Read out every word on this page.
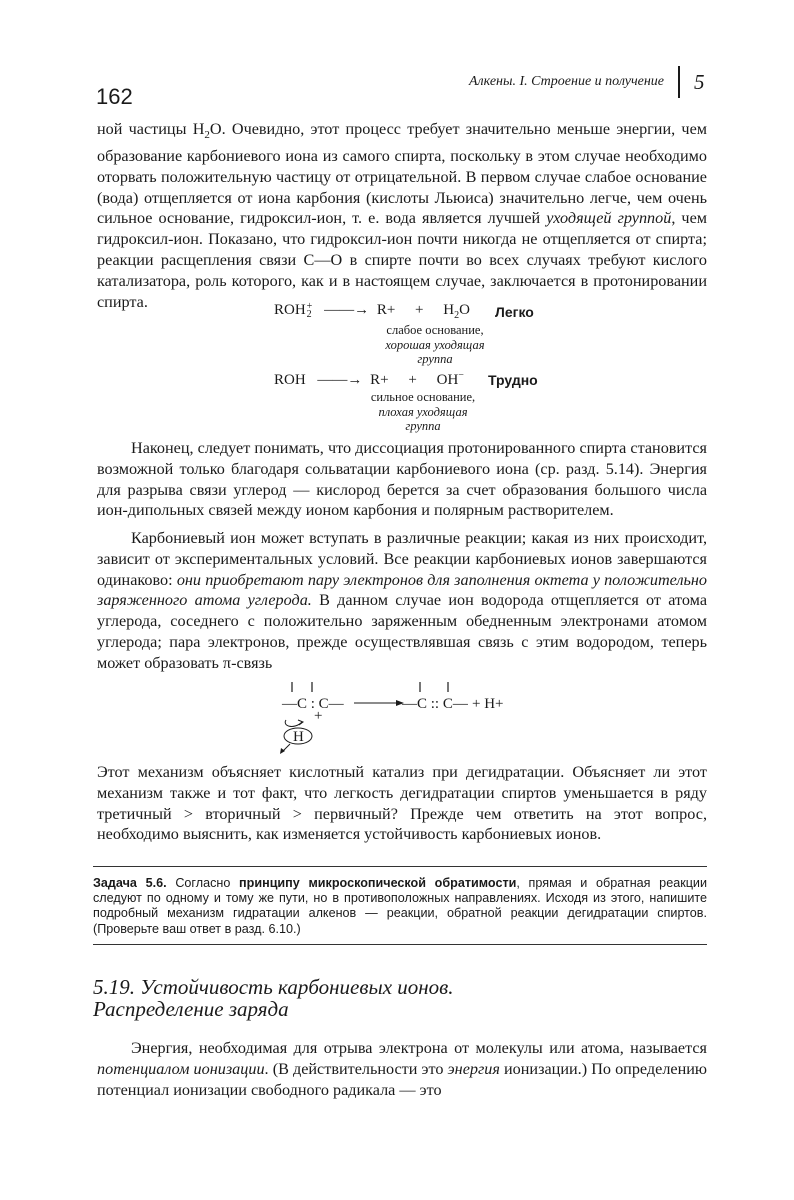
162
Алкены. I. Строение и получение 5

ной частицы $H_2O$. Очевидно, этот процесс требует значительно меньше энергии, чем образование карбониевого иона из самого спирта, поскольку в этом случае необходимо оторвать положительную частицу от отрицательной. В первом случае слабое основание (вода) отщепляется от иона карбония (кислоты Льюиса) значительно легче, чем очень сильное основание, гидроксил-ион, т. е. вода является лучшей уходящей группой, чем гидроксил-ион. Показано, что гидроксил-ион почти никогда не отщепляется от спирта; реакции расщепления связи C—O в спирте почти во всех случаях требуют кислого катализатора, роль которого, как и в настоящем случае, заключается в протонировании спирта.	ROH +
2 ——→ $R+ + H_2O$ Легко
слабое основание,
хорошая уходящая
группа
ROH ——→ R+ + OH− Трудно
сильное основание,
плохая уходящая
группа

Наконец, следует понимать, что диссоциация протонированного спирта становится возможной только благодаря сольватации карбониевого иона (ср. разд. 5.14). Энергия для разрыва связи углерод — кислород берется за счет образования большого числа ион-дипольных связей между ионом карбония и полярным растворителем.

Карбониевый ион может вступать в различные реакции; какая из них происходит, зависит от экспериментальных условий. Все реакции карбониевых ионов завершаются одинаково: они приобретают пару электронов для заполнения октета у положительно заряженного атома углерода. В данном случае ион водорода отщепляется от атома углерода, соседнего с положительно заряженным обедненным электронами атомом углерода; пара электронов, прежде осуществлявшая связь с этим водородом, теперь может образовать π-связь

—C : C—
+
—C :: C— + H+
H

Этот механизм объясняет кислотный катализ при дегидратации. Объясняет ли этот механизм также и тот факт, что легкость дегидратации спиртов уменьшается в ряду третичный > вторичный > первичный? Прежде чем ответить на этот вопрос, необходимо выяснить, как изменяется устойчивость карбониевых ионов.

Задача 5.6. Согласно принципу микроскопической обратимости, прямая и обратная реакции следуют по одному и тому же пути, но в противоположных направлениях. Исходя из этого, напишите подробный механизм гидратации алкенов — реакции, обратной реакции дегидратации спиртов. (Проверьте ваш ответ в разд. 6.10.)
5.19. Устойчивость карбониевых ионов.
Распределение заряда

Энергия, необходимая для отрыва электрона от молекулы или атома, называется потенциалом ионизации. (В действительности это энергия ионизации.) По определению потенциал ионизации свободного радикала — это
